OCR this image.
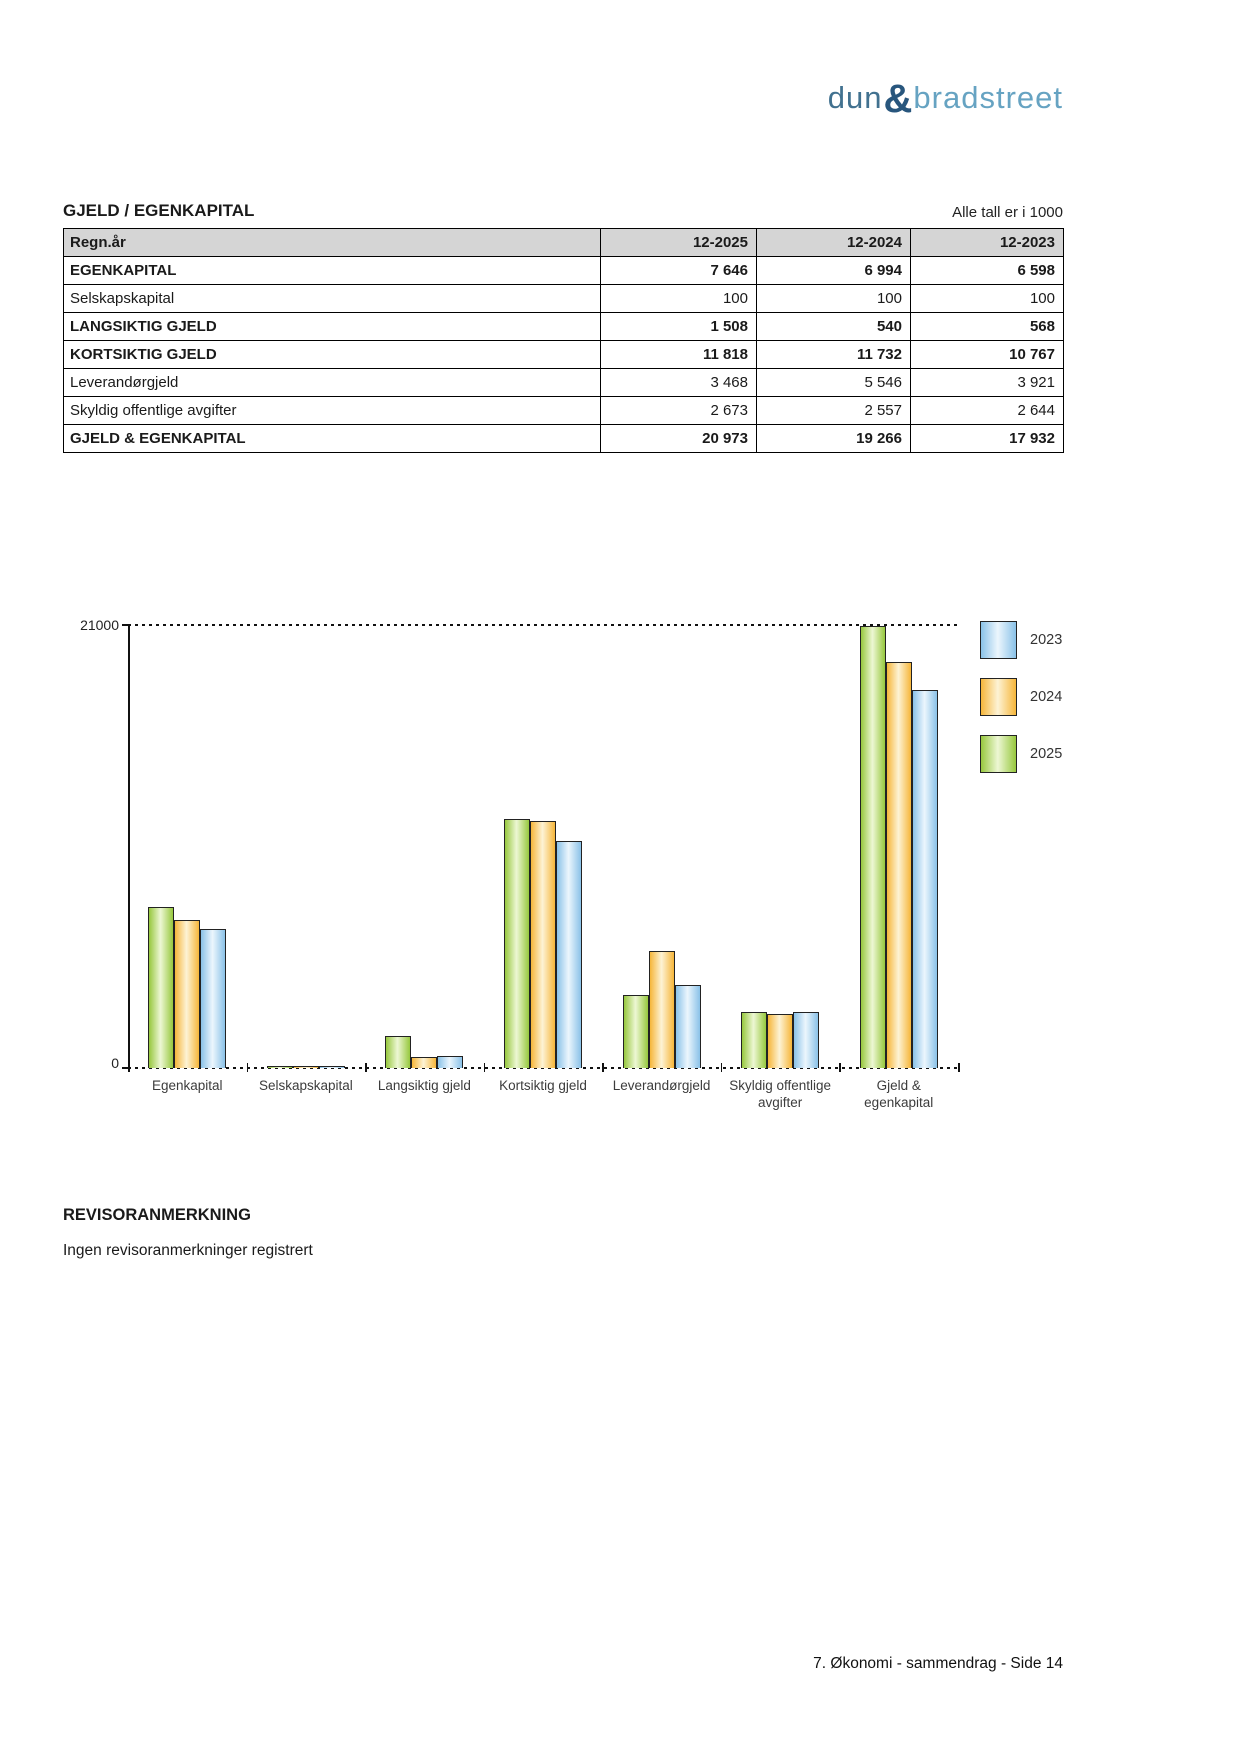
dun&bradstreet
GJELD / EGENKAPITAL	Alle tall er i 1000
Regn.år	12-2025	12-2024	12-2023
EGENKAPITAL	7 646	6 994	6 598
Selskapskapital	100	100	100
LANGSIKTIG GJELD	1 508	540	568
KORTSIKTIG GJELD	11 818	11 732	10 767
Leverandørgjeld	3 468	5 546	3 921
Skyldig offentlige avgifter	2 673	2 557	2 644
GJELD & EGENKAPITAL	20 973	19 266	17 932
21000
0
Egenkapital	Selskapskapital	Langsiktig gjeld	Kortsiktig gjeld	Leverandørgjeld	Skyldig offentlige avgifter
Gjeld & egenkapital
2023
2024
2025
REVISORANMERKNING
Ingen revisoranmerkninger registrert
7. Økonomi - sammendrag - Side 14
